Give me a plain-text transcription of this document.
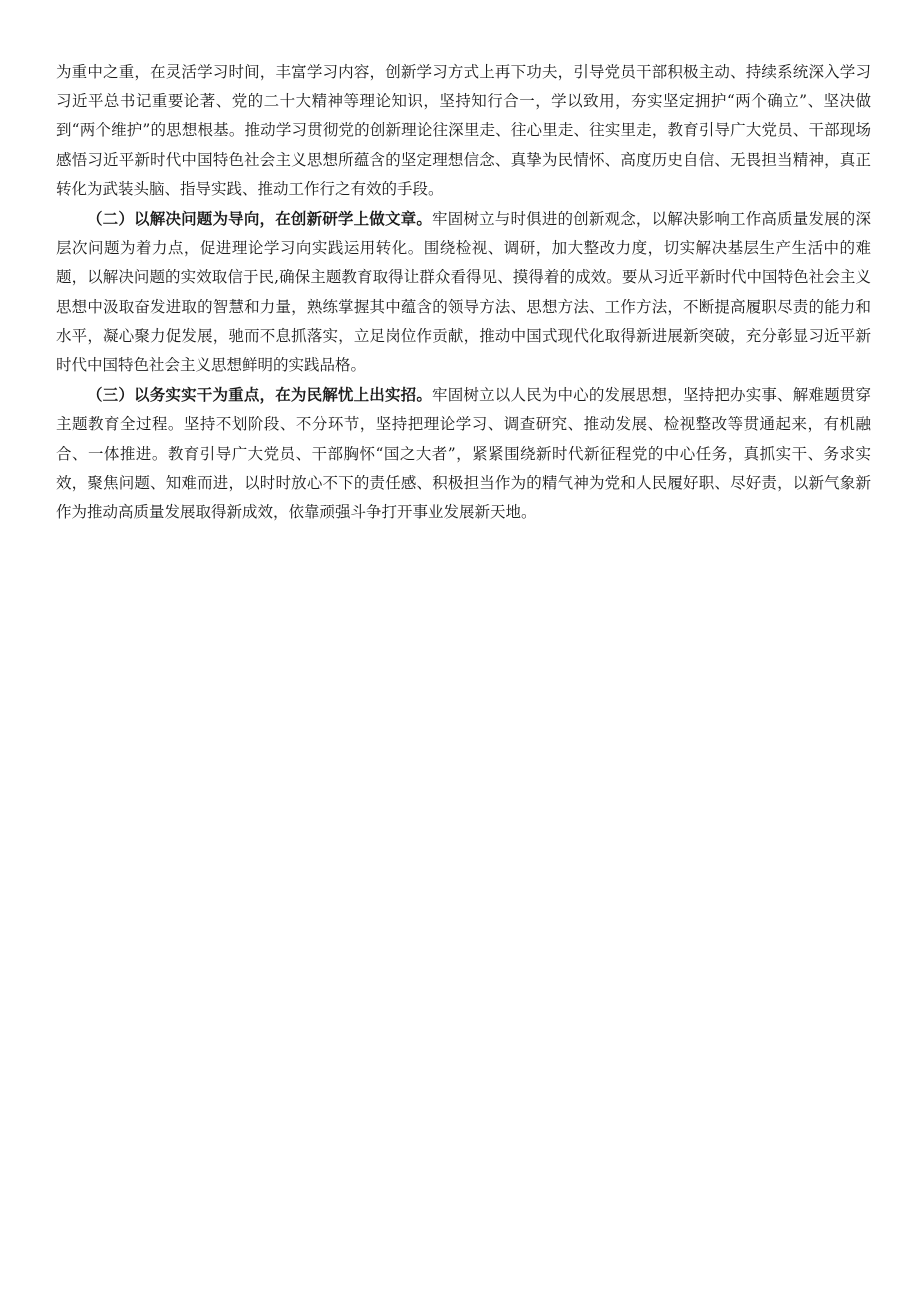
为重中之重，在灵活学习时间，丰富学习内容，创新学习方式上再下功夫，引导党员干部积极主动、持续系统深入学习习近平总书记重要论著、党的二十大精神等理论知识，坚持知行合一，学以致用，夯实坚定拥护“两个确立”、坚决做到“两个维护”的思想根基。推动学习贯彻党的创新理论往深里走、往心里走、往实里走，教育引导广大党员、干部现场感悟习近平新时代中国特色社会主义思想所蕴含的坚定理想信念、真挚为民情怀、高度历史自信、无畏担当精神，真正转化为武装头脑、指导实践、推动工作行之有效的手段。

（二）以解决问题为导向，在创新研学上做文章。牢固树立与时俱进的创新观念，以解决影响工作高质量发展的深层次问题为着力点，促进理论学习向实践运用转化。围绕检视、调研，加大整改力度，切实解决基层生产生活中的难题，以解决问题的实效取信于民,确保主题教育取得让群众看得见、摸得着的成效。要从习近平新时代中国特色社会主义思想中汲取奋发进取的智慧和力量，熟练掌握其中蕴含的领导方法、思想方法、工作方法，不断提高履职尽责的能力和水平，凝心聚力促发展，驰而不息抓落实，立足岗位作贡献，推动中国式现代化取得新进展新突破，充分彰显习近平新时代中国特色社会主义思想鲜明的实践品格。

（三）以务实实干为重点，在为民解忧上出实招。牢固树立以人民为中心的发展思想，坚持把办实事、解难题贯穿主题教育全过程。坚持不划阶段、不分环节，坚持把理论学习、调查研究、推动发展、检视整改等贯通起来，有机融合、一体推进。教育引导广大党员、干部胸怀“国之大者”，紧紧围绕新时代新征程党的中心任务，真抓实干、务求实效，聚焦问题、知难而进，以时时放心不下的责任感、积极担当作为的精气神为党和人民履好职、尽好责，以新气象新作为推动高质量发展取得新成效，依靠顽强斗争打开事业发展新天地。
